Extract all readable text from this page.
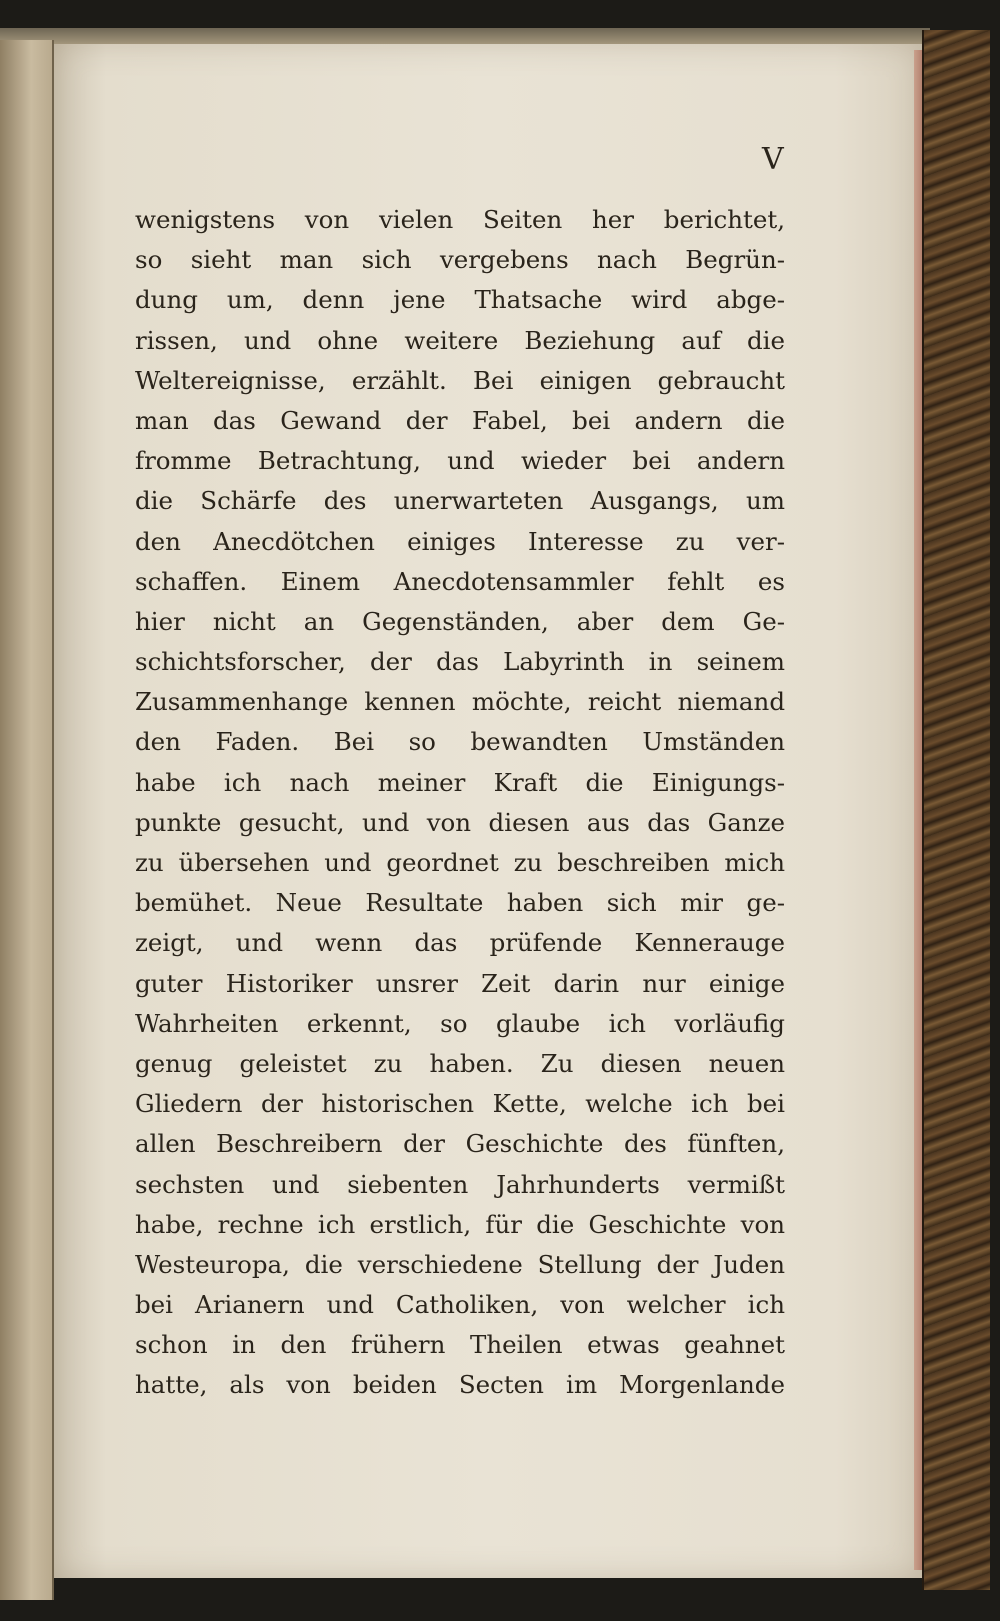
V
wenigstens von vielen Seiten her berichtet,
so sieht man sich vergebens nach Begrün-
dung um, denn jene Thatsache wird abge-
rissen, und ohne weitere Beziehung auf die
Weltereignisse, erzählt. Bei einigen gebraucht
man das Gewand der Fabel, bei andern die
fromme Betrachtung, und wieder bei andern
die Schärfe des unerwarteten Ausgangs, um
den Anecdötchen einiges Interesse zu ver-
schaffen. Einem Anecdotensammler fehlt es
hier nicht an Gegenständen, aber dem Ge-
schichtsforscher, der das Labyrinth in seinem
Zusammenhange kennen möchte, reicht niemand
den Faden. Bei so bewandten Umständen
habe ich nach meiner Kraft die Einigungs-
punkte gesucht, und von diesen aus das Ganze
zu übersehen und geordnet zu beschreiben mich
bemühet. Neue Resultate haben sich mir ge-
zeigt, und wenn das prüfende Kennerauge
guter Historiker unsrer Zeit darin nur einige
Wahrheiten erkennt, so glaube ich vorläufig
genug geleistet zu haben. Zu diesen neuen
Gliedern der historischen Kette, welche ich bei
allen Beschreibern der Geschichte des fünften,
sechsten und siebenten Jahrhunderts vermißt
habe, rechne ich erstlich, für die Geschichte von
Westeuropa, die verschiedene Stellung der Juden
bei Arianern und Catholiken, von welcher ich
schon in den frühern Theilen etwas geahnet
hatte, als von beiden Secten im Morgenlande
